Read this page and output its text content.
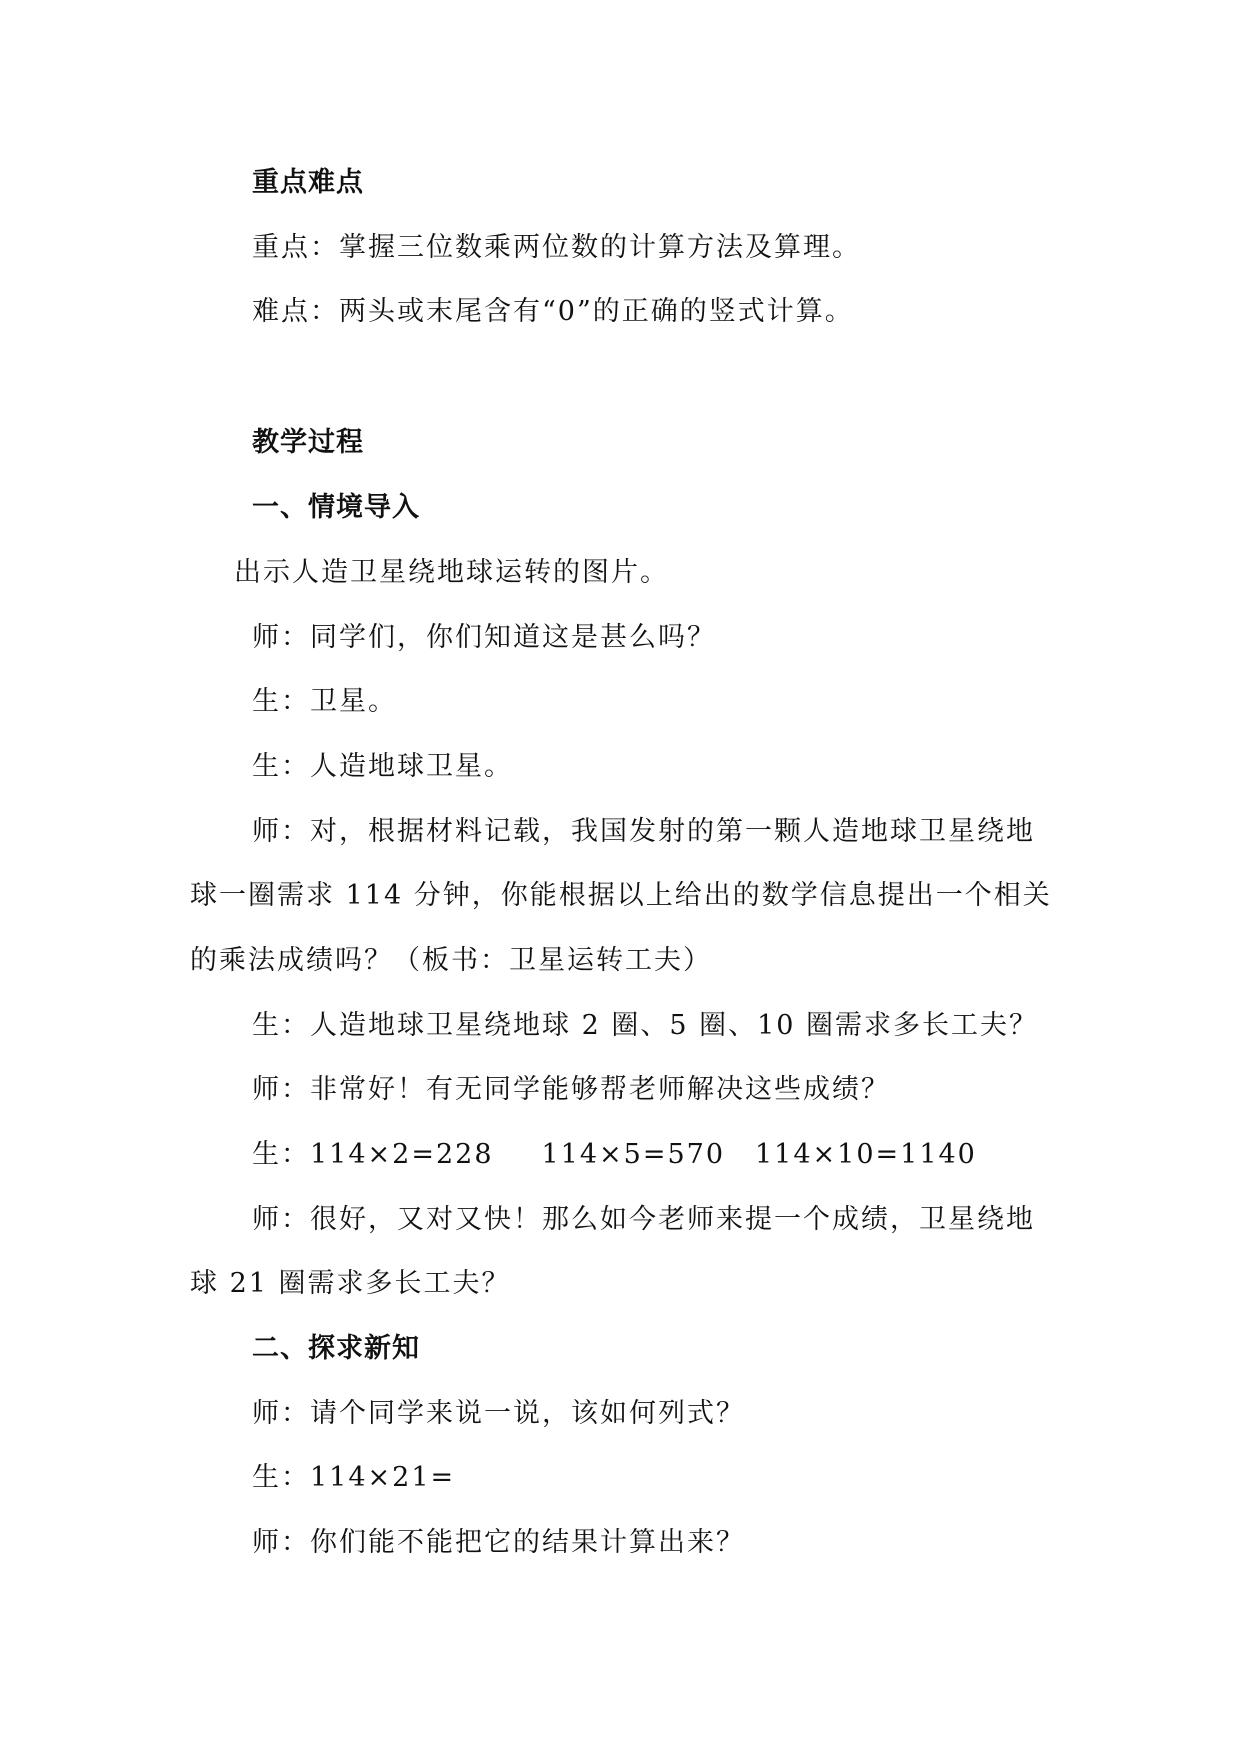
重点难点
重点：掌握三位数乘两位数的计算方法及算理。
难点：两头或末尾含有“0”的正确的竖式计算。
教学过程
一、情境导入
出示人造卫星绕地球运转的图片。
师：同学们，你们知道这是甚么吗？
生：卫星。
生：人造地球卫星。
师：对，根据材料记载，我国发射的第一颗人造地球卫星绕地
球一圈需求 114 分钟，你能根据以上给出的数学信息提出一个相关
的乘法成绩吗？（板书：卫星运转工夫）
生：人造地球卫星绕地球 2 圈、5 圈、10 圈需求多长工夫？
师：非常好！有无同学能够帮老师解决这些成绩？
生：114×2=228 114×5=570 114×10=1140
师：很好，又对又快！那么如今老师来提一个成绩，卫星绕地
球 21 圈需求多长工夫？
二、探求新知
师：请个同学来说一说，该如何列式？
生：114×21=
师：你们能不能把它的结果计算出来？
